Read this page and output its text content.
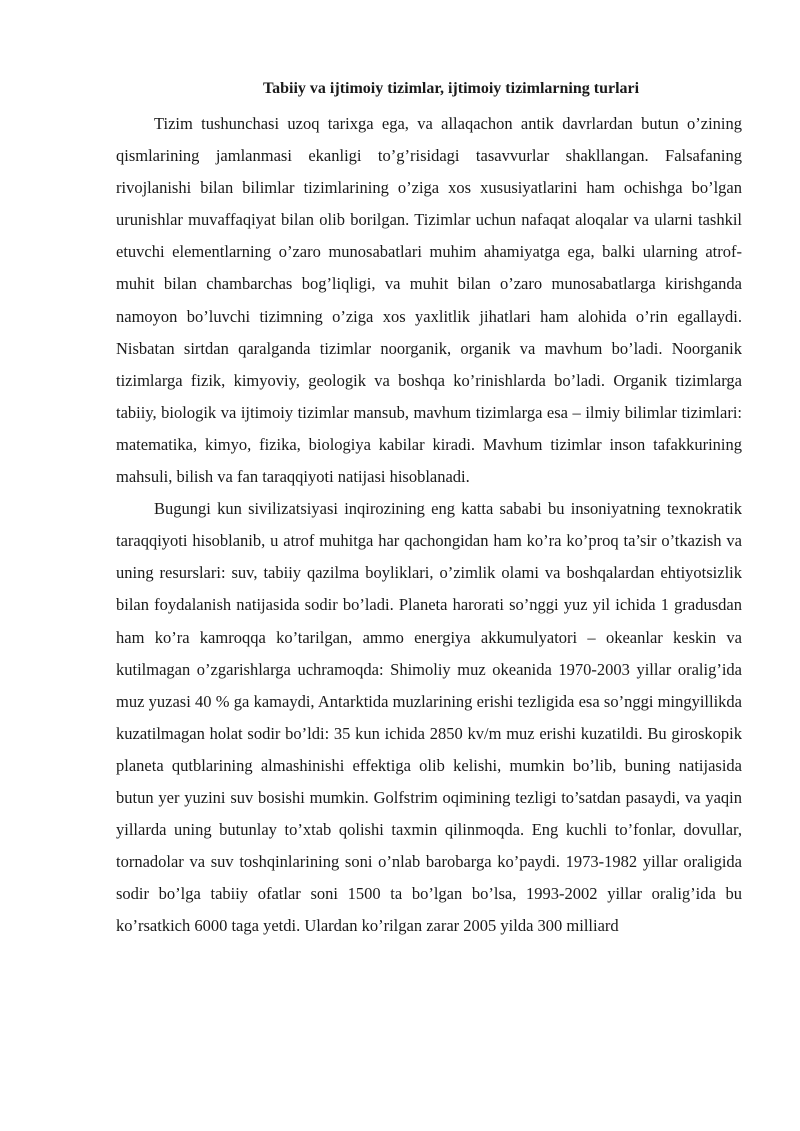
Tabiiy va ijtimoiy tizimlar, ijtimoiy tizimlarning turlari

Tizim tushunchasi uzoq tarixga ega, va allaqachon antik davrlardan butun o’zining qismlarining jamlanmasi ekanligi to’g’risidagi tasavvurlar shakllangan. Falsafaning rivojlanishi bilan bilimlar tizimlarining o’ziga xos xususiyatlarini ham ochishga bo’lgan urunishlar muvaffaqiyat bilan olib borilgan. Tizimlar uchun nafaqat aloqalar va ularni tashkil etuvchi elementlarning o’zaro munosabatlari muhim ahamiyatga ega, balki ularning atrof-muhit bilan chambarchas bog’liqligi, va muhit bilan o’zaro munosabatlarga kirishganda namoyon bo’luvchi tizimning o’ziga xos yaxlitlik jihatlari ham alohida o’rin egallaydi. Nisbatan sirtdan qaralganda tizimlar noorganik, organik va mavhum bo’ladi. Noorganik tizimlarga fizik, kimyoviy, geologik va boshqa ko’rinishlarda bo’ladi. Organik tizimlarga tabiiy, biologik va ijtimoiy tizimlar mansub, mavhum tizimlarga esa – ilmiy bilimlar tizimlari: matematika, kimyo, fizika, biologiya kabilar kiradi. Mavhum tizimlar inson tafakkurining mahsuli, bilish va fan taraqqiyoti natijasi hisoblanadi.

Bugungi kun sivilizatsiyasi inqirozining eng katta sababi bu insoniyatning texnokratik taraqqiyoti hisoblanib, u atrof muhitga har qachongidan ham ko’ra ko’proq ta’sir o’tkazish va uning resurslari: suv, tabiiy qazilma boyliklari, o’zimlik olami va boshqalardan ehtiyotsizlik bilan foydalanish natijasida sodir bo’ladi. Planeta harorati so’nggi yuz yil ichida 1 gradusdan ham ko’ra kamroqqa ko’tarilgan, ammo energiya akkumulyatori – okeanlar keskin va kutilmagan o’zgarishlarga uchramoqda: Shimoliy muz okeanida 1970-2003 yillar oralig’ida muz yuzasi 40 % ga kamaydi, Antarktida muzlarining erishi tezligida esa so’nggi mingyillikda kuzatilmagan holat sodir bo’ldi: 35 kun ichida 2850 kv/m muz erishi kuzatildi. Bu giroskopik planeta qutblarining almashinishi effektiga olib kelishi, mumkin bo’lib, buning natijasida butun yer yuzini suv bosishi mumkin. Golfstrim oqimining tezligi to’satdan pasaydi, va yaqin yillarda uning butunlay to’xtab qolishi taxmin qilinmoqda. Eng kuchli to’fonlar, dovullar, tornadolar va suv toshqinlarining soni o’nlab barobarga ko’paydi. 1973-1982 yillar oraligida sodir bo’lga tabiiy ofatlar soni 1500 ta bo’lgan bo’lsa, 1993-2002 yillar oralig’ida bu ko’rsatkich 6000 taga yetdi. Ulardan ko’rilgan zarar 2005 yilda 300 milliard
